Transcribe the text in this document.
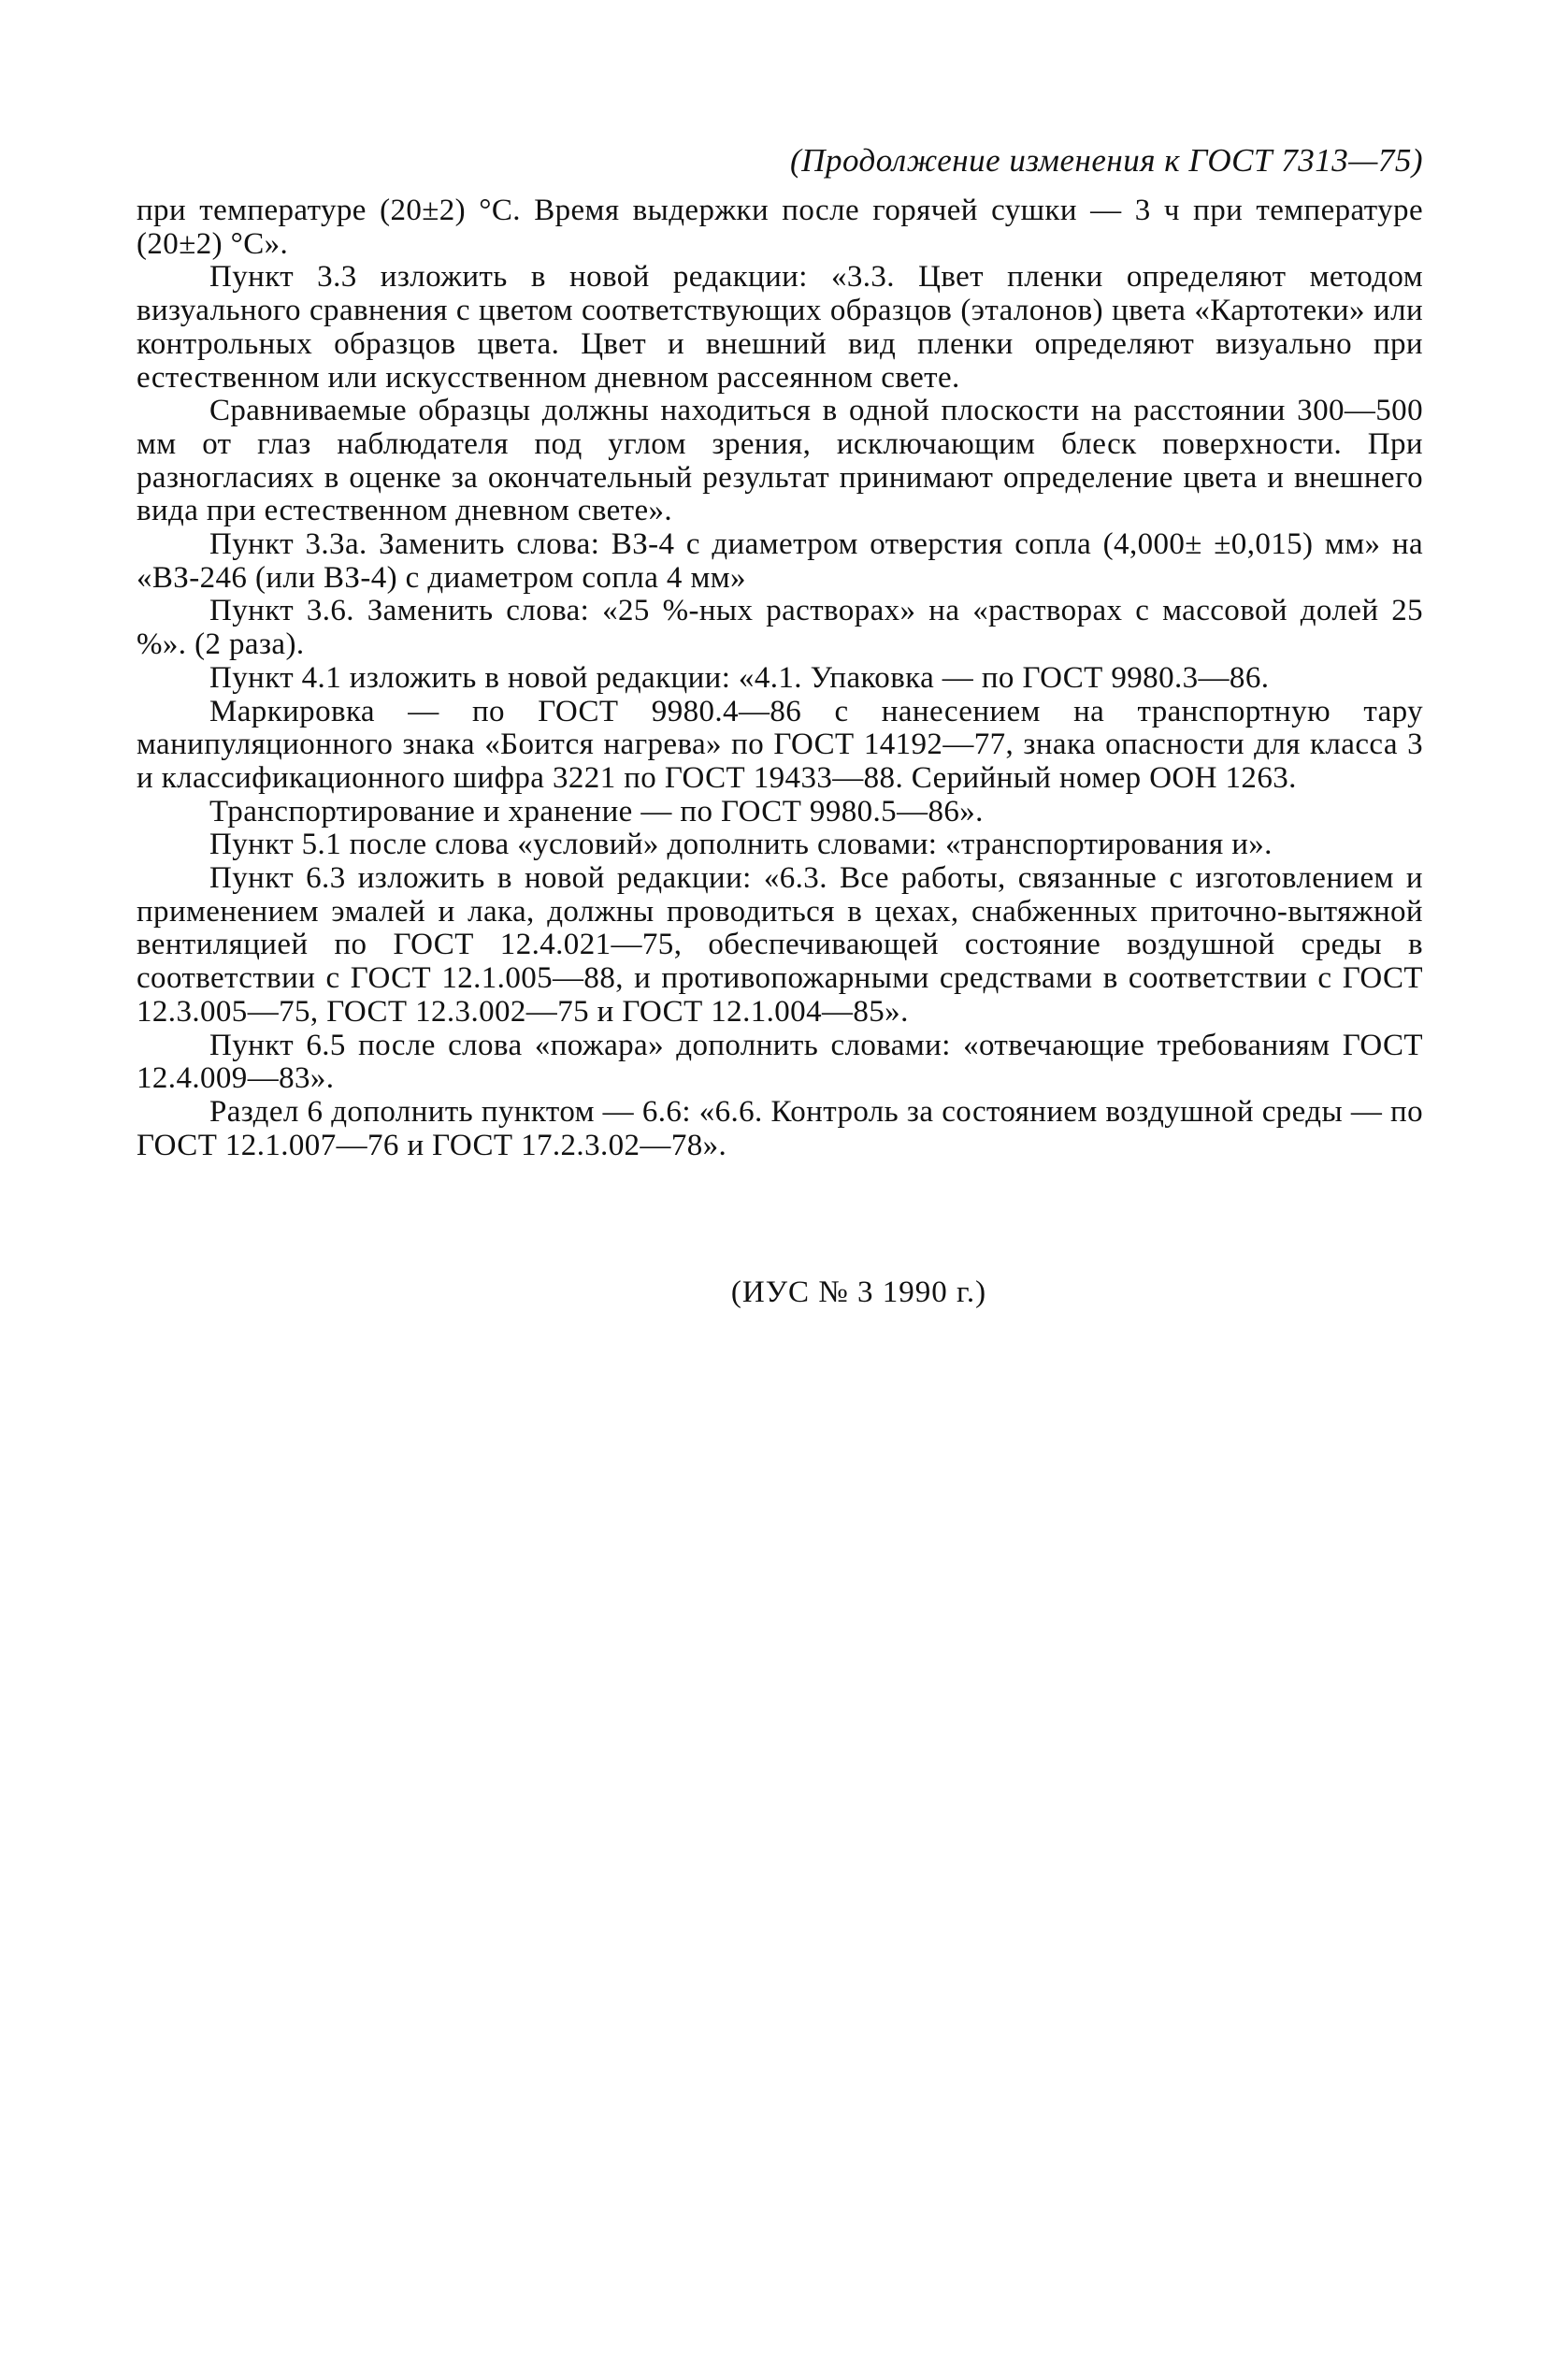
(Продолжение изменения к ГОСТ 7313—75)

при температуре (20±2) °С. Время выдержки после горячей сушки — 3 ч при температуре (20±2) °С».

Пункт 3.3 изложить в новой редакции: «3.3. Цвет пленки определяют методом визуального сравнения с цветом соответствующих образцов (эталонов) цвета «Картотеки» или контрольных образцов цвета. Цвет и внешний вид пленки определяют визуально при естественном или искусственном дневном рассеянном свете.

Сравниваемые образцы должны находиться в одной плоскости на расстоянии 300—500 мм от глаз наблюдателя под углом зрения, исключающим блеск поверхности. При разногласиях в оценке за окончательный результат принимают определение цвета и внешнего вида при естественном дневном свете».

Пункт 3.3а. Заменить слова: ВЗ-4 с диаметром отверстия сопла (4,000± ±0,015) мм» на «ВЗ-246 (или ВЗ-4) с диаметром сопла 4 мм»

Пункт 3.6. Заменить слова: «25 %-ных растворах» на «растворах с массовой долей 25 %». (2 раза).

Пункт 4.1 изложить в новой редакции: «4.1. Упаковка — по ГОСТ 9980.3—86.

Маркировка — по ГОСТ 9980.4—86 с нанесением на транспортную тару манипуляционного знака «Боится нагрева» по ГОСТ 14192—77, знака опасности для класса 3 и классификационного шифра 3221 по ГОСТ 19433—88. Серийный номер ООН 1263.

Транспортирование и хранение — по ГОСТ 9980.5—86».

Пункт 5.1 после слова «условий» дополнить словами: «транспортирования и».

Пункт 6.3 изложить в новой редакции: «6.3. Все работы, связанные с изготовлением и применением эмалей и лака, должны проводиться в цехах, снабженных приточно-вытяжной вентиляцией по ГОСТ 12.4.021—75, обеспечивающей состояние воздушной среды в соответствии с ГОСТ 12.1.005—88, и противопожарными средствами в соответствии с ГОСТ 12.3.005—75, ГОСТ 12.3.002—75 и ГОСТ 12.1.004—85».

Пункт 6.5 после слова «пожара» дополнить словами: «отвечающие требованиям ГОСТ 12.4.009—83».

Раздел 6 дополнить пунктом — 6.6: «6.6. Контроль за состоянием воздушной среды — по ГОСТ 12.1.007—76 и ГОСТ 17.2.3.02—78».

(ИУС № 3 1990 г.)
